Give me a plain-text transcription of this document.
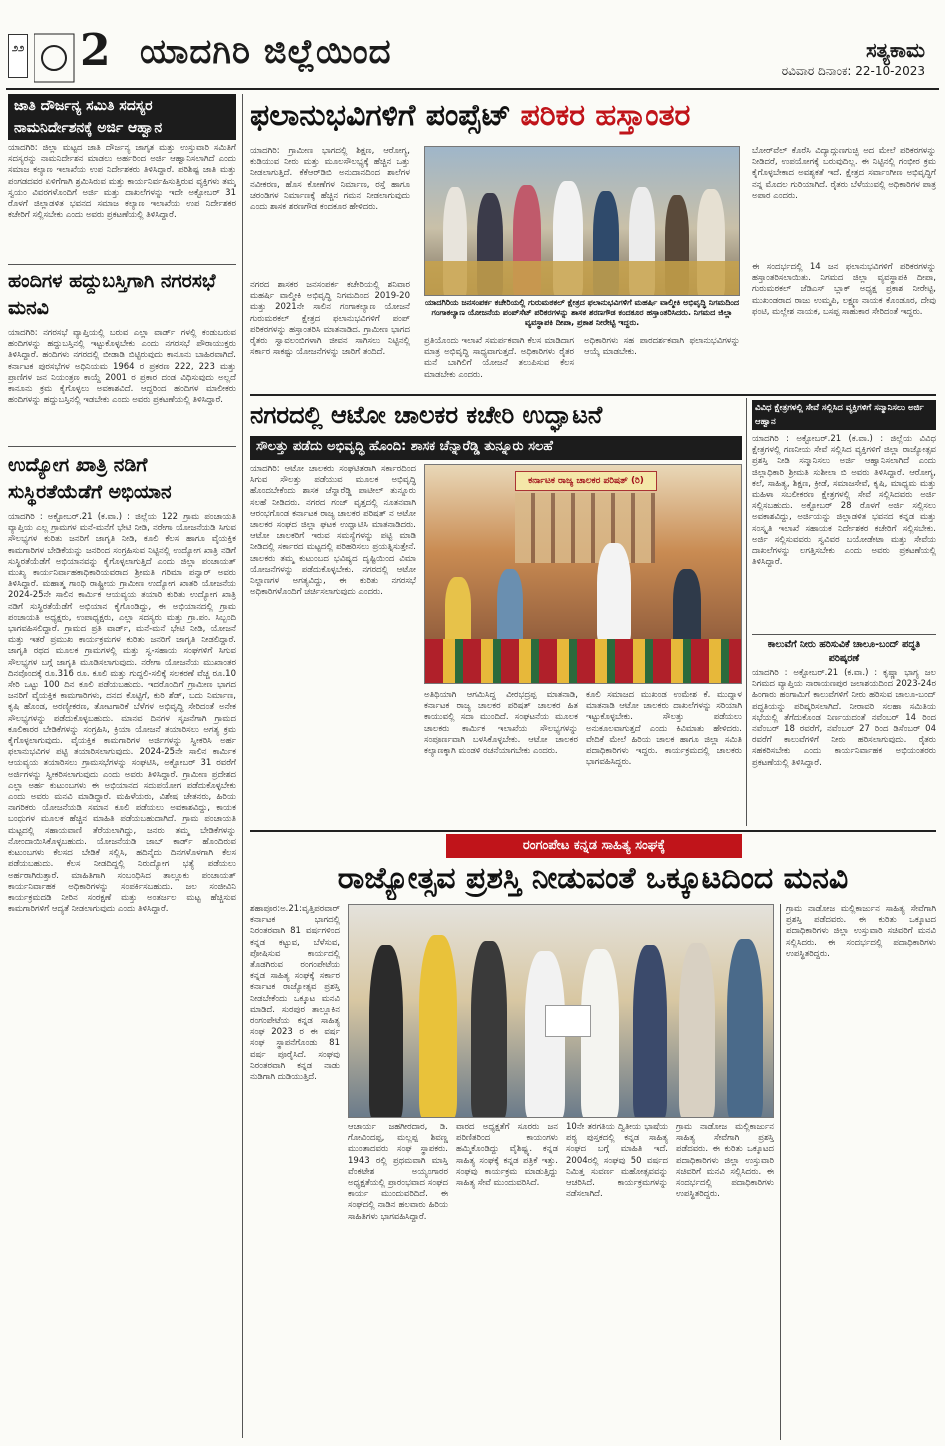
೨೨ 2 ಯಾದಗಿರಿ ಜಿಲ್ಲೆಯಿಂದ	ಸತ್ಯಕಾಮ
ರವಿವಾರ ದಿನಾಂಕ: 22-10-2023
ಜಾತಿ ದೌರ್ಜನ್ಯ ಸಮಿತಿ ಸದಸ್ಯರ ನಾಮನಿರ್ದೇಶನಕ್ಕೆ ಅರ್ಜಿ ಆಹ್ವಾನ
ಯಾದಗಿರಿ: ಜಿಲ್ಲಾ ಮಟ್ಟದ ಜಾತಿ ದೌರ್ಜನ್ಯ ಜಾಗೃತ ಮತ್ತು ಉಸ್ತುವಾರಿ ಸಮಿತಿಗೆ ಸದಸ್ಯರನ್ನು ನಾಮನಿರ್ದೇಶನ ಮಾಡಲು ಅರ್ಹರಿಂದ ಅರ್ಜಿ ಆಹ್ವಾನಿಸಲಾಗಿದೆ ಎಂದು ಸಮಾಜ ಕಲ್ಯಾಣ ಇಲಾಖೆಯ ಉಪ ನಿರ್ದೇಶಕರು ತಿಳಿಸಿದ್ದಾರೆ. ಪರಿಶಿಷ್ಟ ಜಾತಿ ಮತ್ತು ಪಂಗಡದವರ ಏಳಿಗೆಗಾಗಿ ಶ್ರಮಿಸಿರುವ ಮತ್ತು ಕಾರ್ಯನಿರ್ವಹಿಸುತ್ತಿರುವ ವ್ಯಕ್ತಿಗಳು ತಮ್ಮ ಸ್ವಯಂ ವಿವರಗಳೊಂದಿಗೆ ಅರ್ಜಿ ಮತ್ತು ದಾಖಲೆಗಳನ್ನು ಇದೇ ಅಕ್ಟೋಬರ್ 31 ರೊಳಗೆ ಜಿಲ್ಲಾಡಳಿತ ಭವನದ ಸಮಾಜ ಕಲ್ಯಾಣ ಇಲಾಖೆಯ ಉಪ ನಿರ್ದೇಶಕರ ಕಚೇರಿಗೆ ಸಲ್ಲಿಸಬೇಕು ಎಂದು ಅವರು ಪ್ರಕಟಣೆಯಲ್ಲಿ ತಿಳಿಸಿದ್ದಾರೆ.
ಹಂದಿಗಳ ಹದ್ದುಬಸ್ತಿಗಾಗಿ ನಗರಸಭೆ ಮನವಿ
ಯಾದಗಿರಿ: ನಗರಸಭೆ ವ್ಯಾಪ್ತಿಯಲ್ಲಿ ಬರುವ ಎಲ್ಲಾ ವಾರ್ಡ್ ಗಳಲ್ಲಿ ಕಂಡುಬರುವ ಹಂದಿಗಳನ್ನು ಹದ್ದುಬಸ್ತಿನಲ್ಲಿ ಇಟ್ಟುಕೊಳ್ಳಬೇಕು ಎಂದು ನಗರಸಭೆ ಪೌರಾಯುಕ್ತರು ತಿಳಿಸಿದ್ದಾರೆ. ಹಂದಿಗಳು ನಗರದಲ್ಲಿ ಬೀಡಾಡಿ ಬಿಟ್ಟಿರುವುದು ಕಾನೂನು ಬಾಹಿರವಾಗಿದೆ. ಕರ್ನಾಟಕ ಪುರಸಭೆಗಳ ಅಧಿನಿಯಮ 1964 ರ ಪ್ರಕರಣ 222, 223 ಮತ್ತು ಪ್ರಾಣಿಗಳ ಜನ ನಿಯಂತ್ರಣ ಕಾಯ್ದೆ 2001 ರ ಪ್ರಕಾರ ದಂಡ ವಿಧಿಸುವುದು ಅಲ್ಲದೆ ಕಾನೂನು ಕ್ರಮ ಕೈಗೊಳ್ಳಲು ಅವಕಾಶವಿದೆ. ಆದ್ದರಿಂದ ಹಂದಿಗಳ ಮಾಲೀಕರು ಹಂದಿಗಳನ್ನು ಹದ್ದುಬಸ್ತಿನಲ್ಲಿ ಇಡಬೇಕು ಎಂದು ಅವರು ಪ್ರಕಟಣೆಯಲ್ಲಿ ತಿಳಿಸಿದ್ದಾರೆ.
ಉದ್ಯೋಗ ಖಾತ್ರಿ ನಡಿಗೆ ಸುಸ್ಥಿರತೆಯೆಡೆಗೆ ಅಭಿಯಾನ
ಯಾದಗಿರಿ : ಅಕ್ಟೋಬರ್.21 (ಕ.ವಾ.) : ಜಿಲ್ಲೆಯ 122 ಗ್ರಾಮ ಪಂಚಾಯತಿ ವ್ಯಾಪ್ತಿಯ ಎಲ್ಲ ಗ್ರಾಮಗಳ ಮನೆ-ಮನೆಗೆ ಭೇಟಿ ನೀಡಿ, ನರೇಗಾ ಯೋಜನೆಯಡಿ ಸಿಗುವ ಸೌಲಭ್ಯಗಳ ಕುರಿತು ಜನರಿಗೆ ಜಾಗೃತಿ ನೀಡಿ, ಕೂಲಿ ಕೆಲಸ ಹಾಗೂ ವೈಯಕ್ತಿಕ ಕಾಮಗಾರಿಗಳ ಬೇಡಿಕೆಯನ್ನು ಜನರಿಂದ ಸಂಗ್ರಹಿಸುವ ನಿಟ್ಟಿನಲ್ಲಿ ಉದ್ಯೋಗ ಖಾತ್ರಿ ನಡಿಗೆ ಸುಸ್ಥಿರತೆಯೆಡೆಗೆ ಅಭಿಯಾನವನ್ನು ಕೈಗೊಳ್ಳಲಾಗುತ್ತಿದೆ ಎಂದು ಜಿಲ್ಲಾ ಪಂಚಾಯತ್ ಮುಖ್ಯ ಕಾರ್ಯನಿರ್ವಾಹಕಾಧಿಕಾರಿಯವರಾದ ಶ್ರೀಮತಿ ಗರಿಮಾ ಪನ್ವಾರ್ ಅವರು ತಿಳಿಸಿದ್ದಾರೆ. ಮಹಾತ್ಮ ಗಾಂಧಿ ರಾಷ್ಟ್ರೀಯ ಗ್ರಾಮೀಣ ಉದ್ಯೋಗ ಖಾತರಿ ಯೋಜನೆಯ 2024-25ನೇ ಸಾಲಿನ ಕಾರ್ಮಿಕ ಆಯವ್ಯಯ ತಯಾರಿ ಕುರಿತು ಉದ್ಯೋಗ ಖಾತ್ರಿ ನಡಿಗೆ ಸುಸ್ಥಿರತೆಯೆಡೆಗೆ ಅಭಿಯಾನ ಕೈಗೊಂಡಿದ್ದು, ಈ ಅಭಿಯಾನದಲ್ಲಿ ಗ್ರಾಮ ಪಂಚಾಯತಿ ಅಧ್ಯಕ್ಷರು, ಉಪಾಧ್ಯಕ್ಷರು, ಎಲ್ಲಾ ಸದಸ್ಯರು ಮತ್ತು ಗ್ರಾ.ಪಂ. ಸಿಬ್ಬಂದಿ ಭಾಗವಹಿಸಲಿದ್ದಾರೆ. ಗ್ರಾಮದ ಪ್ರತಿ ವಾರ್ಡ್, ಮನೆ-ಮನೆ ಭೇಟಿ ನೀಡಿ, ಯೋಜನೆ ಮತ್ತು ಇತರೆ ಪ್ರಮುಖ ಕಾರ್ಯಕ್ರಮಗಳ ಕುರಿತು ಜನರಿಗೆ ಜಾಗೃತಿ ನೀಡಲಿದ್ದಾರೆ. ಜಾಗೃತಿ ರಥದ ಮೂಲಕ ಗ್ರಾಮಗಳಲ್ಲಿ ಮತ್ತು ಸ್ವ-ಸಹಾಯ ಸಂಘಗಳಿಗೆ ಸಿಗುವ ಸೌಲಭ್ಯಗಳ ಬಗ್ಗೆ ಜಾಗೃತಿ ಮೂಡಿಸಲಾಗುವುದು. ನರೇಗಾ ಯೋಜನೆಯ ಮುಖಾಂತರ ದಿನವೊಂದಕ್ಕೆ ರೂ.316 ರೂ. ಕೂಲಿ ಮತ್ತು ಗುದ್ದಲಿ-ಸಲಿಕ್ಕೆ ಸಲಕರಣೆ ವೆಚ್ಚ ರೂ.10 ಸೇರಿ ಒಟ್ಟು 100 ದಿನ ಕೂಲಿ ಪಡೆಯಬಹುದು. ಇದರೊಂದಿಗೆ ಗ್ರಾಮೀಣ ಭಾಗದ ಜನರಿಗೆ ವೈಯಕ್ತಿಕ ಕಾಮಗಾರಿಗಳು, ದನದ ಕೊಟ್ಟಿಗೆ, ಕುರಿ ಶೆಡ್, ಬದು ನಿರ್ಮಾಣ, ಕೃಷಿ ಹೊಂಡ, ಅರಣ್ಯೀಕರಣ, ತೋಟಗಾರಿಕೆ ಬೆಳೆಗಳ ಅಭಿವೃದ್ಧಿ ಸೇರಿದಂತೆ ಅನೇಕ ಸೌಲಭ್ಯಗಳನ್ನು ಪಡೆದುಕೊಳ್ಳಬಹುದು. ಮಾನವ ದಿನಗಳ ಸೃಜನೆಗಾಗಿ ಗ್ರಾಮದ ಕೂಲಿಕಾರರ ಬೇಡಿಕೆಗಳನ್ನು ಸಂಗ್ರಹಿಸಿ, ಕ್ರಿಯಾ ಯೋಜನೆ ತಯಾರಿಸಲು ಅಗತ್ಯ ಕ್ರಮ ಕೈಗೊಳ್ಳಲಾಗುವುದು. ವೈಯಕ್ತಿಕ ಕಾಮಗಾರಿಗಳ ಅರ್ಜಿಗಳನ್ನು ಸ್ವೀಕರಿಸಿ ಅರ್ಹ ಫಲಾನುಭವಿಗಳ ಪಟ್ಟಿ ತಯಾರಿಸಲಾಗುವುದು. 2024-25ನೇ ಸಾಲಿನ ಕಾರ್ಮಿಕ ಆಯವ್ಯಯ ತಯಾರಿಸಲು ಗ್ರಾಮಸಭೆಗಳನ್ನು ಸಂಘಟಿಸಿ, ಅಕ್ಟೋಬರ್ 31 ರವರೆಗೆ ಅರ್ಜಿಗಳನ್ನು ಸ್ವೀಕರಿಸಲಾಗುವುದು ಎಂದು ಅವರು ತಿಳಿಸಿದ್ದಾರೆ. ಗ್ರಾಮೀಣ ಪ್ರದೇಶದ ಎಲ್ಲಾ ಅರ್ಹ ಕುಟುಂಬಗಳು ಈ ಅಭಿಯಾನದ ಸದುಪಯೋಗ ಪಡೆದುಕೊಳ್ಳಬೇಕು ಎಂದು ಅವರು ಮನವಿ ಮಾಡಿದ್ದಾರೆ. ಮಹಿಳೆಯರು, ವಿಶೇಷ ಚೇತನರು, ಹಿರಿಯ ನಾಗರಿಕರು ಯೋಜನೆಯಡಿ ಸಮಾನ ಕೂಲಿ ಪಡೆಯಲು ಅವಕಾಶವಿದ್ದು, ಕಾಯಕ ಬಂಧುಗಳ ಮೂಲಕ ಹೆಚ್ಚಿನ ಮಾಹಿತಿ ಪಡೆಯಬಹುದಾಗಿದೆ. ಗ್ರಾಮ ಪಂಚಾಯತಿ ಮಟ್ಟದಲ್ಲಿ ಸಹಾಯವಾಣಿ ತೆರೆಯಲಾಗಿದ್ದು, ಜನರು ತಮ್ಮ ಬೇಡಿಕೆಗಳನ್ನು ನೋಂದಾಯಿಸಿಕೊಳ್ಳಬಹುದು. ಯೋಜನೆಯಡಿ ಜಾಬ್ ಕಾರ್ಡ್ ಹೊಂದಿರುವ ಕುಟುಂಬಗಳು ಕೆಲಸದ ಬೇಡಿಕೆ ಸಲ್ಲಿಸಿ, ಹದಿನೈದು ದಿನಗಳೊಳಗಾಗಿ ಕೆಲಸ ಪಡೆಯಬಹುದು. ಕೆಲಸ ನೀಡದಿದ್ದಲ್ಲಿ ನಿರುದ್ಯೋಗ ಭತ್ಯೆ ಪಡೆಯಲು ಅರ್ಹರಾಗಿರುತ್ತಾರೆ. ಮಾಹಿತಿಗಾಗಿ ಸಂಬಂಧಿಸಿದ ತಾಲ್ಲೂಕು ಪಂಚಾಯತ್ ಕಾರ್ಯನಿರ್ವಾಹಕ ಅಧಿಕಾರಿಗಳನ್ನು ಸಂಪರ್ಕಿಸಬಹುದು. ಜಲ ಸಂಜೀವಿನಿ ಕಾರ್ಯಕ್ರಮದಡಿ ನೀರಿನ ಸಂರಕ್ಷಣೆ ಮತ್ತು ಅಂತರ್ಜಲ ಮಟ್ಟ ಹೆಚ್ಚಿಸುವ ಕಾಮಗಾರಿಗಳಿಗೆ ಆದ್ಯತೆ ನೀಡಲಾಗುವುದು ಎಂದು ತಿಳಿಸಿದ್ದಾರೆ.
ಫಲಾನುಭವಿಗಳಿಗೆ ಪಂಪ್ಸೆಟ್ ಪರಿಕರ ಹಸ್ತಾಂತರ
ಯಾದಗಿರಿ: ಗ್ರಾಮೀಣ ಭಾಗದಲ್ಲಿ ಶಿಕ್ಷಣ, ಆರೋಗ್ಯ, ಕುಡಿಯುವ ನೀರು ಮತ್ತು ಮೂಲಸೌಲಭ್ಯಕ್ಕೆ ಹೆಚ್ಚಿನ ಒತ್ತು ನೀಡಲಾಗುತ್ತಿದೆ. ಕೆಕೆಆರ್‌ಡಿಬಿ ಅನುದಾನದಿಂದ ಶಾಲೆಗಳ ನವೀಕರಣ, ಹೊಸ ಕೋಣೆಗಳ ನಿರ್ಮಾಣ, ರಸ್ತೆ ಹಾಗೂ ಚರಂಡಿಗಳ ನಿರ್ಮಾಣಕ್ಕೆ ಹೆಚ್ಚಿನ ಗಮನ ನೀಡಲಾಗುವುದು ಎಂದು ಶಾಸಕ ಶರಣಗೌಡ ಕಂದಕೂರ ಹೇಳಿದರು.
ನಗರದ ಶಾಸಕರ ಜನಸಂಪರ್ಕ ಕಚೇರಿಯಲ್ಲಿ ಶನಿವಾರ ಮಹರ್ಷಿ ವಾಲ್ಮೀಕಿ ಅಭಿವೃದ್ಧಿ ನಿಗಮದಿಂದ 2019-20 ಮತ್ತು 2021ನೇ ಸಾಲಿನ ಗಂಗಾಕಲ್ಯಾಣ ಯೋಜನೆ ಗುರುಮಠಕಲ್ ಕ್ಷೇತ್ರದ ಫಲಾನುಭವಿಗಳಿಗೆ ಪಂಪ್ ಪರಿಕರಗಳನ್ನು ಹಸ್ತಾಂತರಿಸಿ ಮಾತನಾಡಿದ. ಗ್ರಾಮೀಣ ಭಾಗದ ರೈತರು ಸ್ವಾವಲಂಬಿಗಳಾಗಿ ಜೀವನ ಸಾಗಿಸಲು ನಿಟ್ಟಿನಲ್ಲಿ ಸರ್ಕಾರ ಸಾಕಷ್ಟು ಯೋಜನೆಗಳನ್ನು ಜಾರಿಗೆ ತಂದಿದೆ.
ಯಾದಗಿರಿಯ ಜನಸಂಪರ್ಕ ಕಚೇರಿಯಲ್ಲಿ ಗುರುಮಠಕಲ್ ಕ್ಷೇತ್ರದ ಫಲಾನುಭವಿಗಳಿಗೆ ಮಹರ್ಷಿ ವಾಲ್ಮೀಕಿ ಅಭಿವೃದ್ಧಿ ನಿಗಮದಿಂದ ಗಂಗಾಕಲ್ಯಾಣ ಯೋಜನೆಯ ಪಂಪ್‌ಸೆಟ್ ಪರಿಕರಗಳನ್ನು ಶಾಸಕ ಶರಣಗೌಡ ಕಂದಕೂರ ಹಸ್ತಾಂತರಿಸಿದರು. ನಿಗಮದ ಜಿಲ್ಲಾ ವ್ಯವಸ್ಥಾಪಕಿ ದೀಪಾ, ಪ್ರಕಾಶ ನೀರೇಟ್ಟಿ ಇದ್ದರು.
ಪ್ರತಿಯೊಂದು ಇಲಾಖೆ ಸಮರ್ಪಕವಾಗಿ ಕೆಲಸ ಮಾಡಿದಾಗ ಮಾತ್ರ ಅಭಿವೃದ್ಧಿ ಸಾಧ್ಯವಾಗುತ್ತದೆ. ಅಧಿಕಾರಿಗಳು ರೈತರ ಮನೆ ಬಾಗಿಲಿಗೆ ಯೋಜನೆ ತಲುಪಿಸುವ ಕೆಲಸ ಮಾಡಬೇಕು ಎಂದರು.
ಅಧಿಕಾರಿಗಳು ಸಹ ಪಾರದರ್ಶಕವಾಗಿ ಫಲಾನುಭವಿಗಳನ್ನು ಆಯ್ಕೆ ಮಾಡಬೇಕು.
ಬೋರ್‌ವೆಲ್ ಕೊರೆಸಿ ವಿದ್ಯಾದ್ಗುಣಗುಚ್ಛಿ ಅದ ಮೇಲೆ ಪರಿಕರಗಳನ್ನು ನೀಡಿದರೆ, ಉಪಯೋಗಕ್ಕೆ ಬರುವುದಿಲ್ಲ. ಈ ನಿಟ್ಟಿನಲ್ಲಿ ಗಂಭೀರ ಕ್ರಮ ಕೈಗೊಳ್ಳಬೇಕಾದ ಅವಶ್ಯಕತೆ ಇದೆ. ಕ್ಷೇತ್ರದ ಸರ್ವಾಂಗೀಣ ಅಭಿವೃದ್ಧಿಗೆ ನನ್ನ ಮೊದಲ ಗುರಿಯಾಗಿದೆ. ರೈತರು ಬೆಳೆಯುವಲ್ಲಿ ಅಧಿಕಾರಿಗಳ ಪಾತ್ರ ಅಪಾರ ಎಂದರು.
ಈ ಸಂದರ್ಭದಲ್ಲಿ 14 ಜನ ಫಲಾನುಭವಿಗಳಿಗೆ ಪರಿಕರಗಳನ್ನು ಹಸ್ತಾಂತರಿಸಲಾಯಿತು. ನಿಗಮದ ಜಿಲ್ಲಾ ವ್ಯವಸ್ಥಾಪಕಿ ದೀಪಾ, ಗುರುಮಠಕಲ್ ಜೆಡಿಎಸ್ ಬ್ಲಾಕ್ ಅಧ್ಯಕ್ಷ ಪ್ರಕಾಶ ನೀರೇಟ್ಟಿ, ಮುಖಂಡರಾದ ರಾಜು ಉಮ್ಮಪಿ, ಲಕ್ಷ್ಮಣ ನಾಯಕ ಕೊಂಡೂರ, ದೇವು ಫಂಟಿ, ಮಲ್ಲೇಶ ನಾಯಕ, ಬಸಪ್ಪ ಸಾಹುಕಾರ ಸೇರಿದಂತೆ ಇದ್ದರು.
ನಗರದಲ್ಲಿ ಆಟೋ ಚಾಲಕರ ಕಚೇರಿ ಉದ್ಘಾಟನೆ
ಸೌಲತ್ತು ಪಡೆದು ಅಭಿವೃದ್ಧಿ ಹೊಂದಿ: ಶಾಸಕ ಚೆನ್ನಾರೆಡ್ಡಿ ತುನ್ನೂರು ಸಲಹೆ
ಯಾದಗಿರಿ: ಆಟೋ ಚಾಲಕರು ಸಂಘಟಿತರಾಗಿ ಸರ್ಕಾರದಿಂದ ಸಿಗುವ ಸೌಲತ್ತು ಪಡೆಯುವ ಮೂಲಕ ಅಭಿವೃದ್ಧಿ ಹೊಂದಬೇಕೆಂದು ಶಾಸಕ ಚೆನ್ನಾರೆಡ್ಡಿ ಪಾಟೀಲ್ ತುನ್ನೂರು ಸಲಹೆ ನೀಡಿದರು. ನಗರದ ಗಂಜ್ ವೃತ್ತದಲ್ಲಿ ನೂತನವಾಗಿ ಆರಂಭಗೊಂಡ ಕರ್ನಾಟಕ ರಾಜ್ಯ ಚಾಲಕರ ಪರಿಷತ್ ನ ಆಟೋ ಚಾಲಕರ ಸಂಘದ ಜಿಲ್ಲಾ ಘಟಕ ಉದ್ಘಾಟಿಸಿ ಮಾತನಾಡಿದರು. ಆಟೋ ಚಾಲಕರಿಗೆ ಇರುವ ಸಮಸ್ಯೆಗಳನ್ನು ಪಟ್ಟಿ ಮಾಡಿ ನೀಡಿದಲ್ಲಿ ಸರ್ಕಾರದ ಮಟ್ಟದಲ್ಲಿ ಪರಿಹರಿಸಲು ಪ್ರಯತ್ನಿಸುತ್ತೇನೆ. ಚಾಲಕರು ತಮ್ಮ ಕುಟುಂಬದ ಭವಿಷ್ಯದ ದೃಷ್ಟಿಯಿಂದ ವಿಮಾ ಯೋಜನೆಗಳನ್ನು ಪಡೆದುಕೊಳ್ಳಬೇಕು. ನಗರದಲ್ಲಿ ಆಟೋ ನಿಲ್ದಾಣಗಳ ಅಗತ್ಯವಿದ್ದು, ಈ ಕುರಿತು ನಗರಸಭೆ ಅಧಿಕಾರಿಗಳೊಂದಿಗೆ ಚರ್ಚಿಸಲಾಗುವುದು ಎಂದರು.
ಕರ್ನಾಟಕ ರಾಜ್ಯ ಚಾಲಕರ ಪರಿಷತ್ (ರಿ)
ಅತಿಥಿಯಾಗಿ ಆಗಮಿಸಿದ್ದ ವೀರಭದ್ರಪ್ಪ ಮಾತನಾಡಿ, ಕರ್ನಾಟಕ ರಾಜ್ಯ ಚಾಲಕರ ಪರಿಷತ್ ಚಾಲಕರ ಹಿತ ಕಾಯುವಲ್ಲಿ ಸದಾ ಮುಂದಿದೆ. ಸಂಘಟನೆಯ ಮೂಲಕ ಚಾಲಕರು ಕಾರ್ಮಿಕ ಇಲಾಖೆಯ ಸೌಲಭ್ಯಗಳನ್ನು ಸಂಪೂರ್ಣವಾಗಿ ಬಳಸಿಕೊಳ್ಳಬೇಕು. ಆಟೋ ಚಾಲಕರ ಕಲ್ಯಾಣಕ್ಕಾಗಿ ಮಂಡಳಿ ರಚನೆಯಾಗಬೇಕು ಎಂದರು.
ಕೂಲಿ ಸಮಾಜದ ಮುಖಂಡ ಉಮೇಶ ಕೆ. ಮುದ್ನಾಳ ಮಾತನಾಡಿ ಆಟೋ ಚಾಲಕರು ದಾಖಲೆಗಳನ್ನು ಸರಿಯಾಗಿ ಇಟ್ಟುಕೊಳ್ಳಬೇಕು. ಸೌಲತ್ತು ಪಡೆಯಲು ಅನುಕೂಲವಾಗುತ್ತದೆ ಎಂದು ಕಿವಿಮಾತು ಹೇಳಿದರು. ವೇದಿಕೆ ಮೇಲೆ ಹಿರಿಯ ಚಾಲಕ ಹಾಗೂ ಜಿಲ್ಲಾ ಸಮಿತಿ ಪದಾಧಿಕಾರಿಗಳು ಇದ್ದರು. ಕಾರ್ಯಕ್ರಮದಲ್ಲಿ ಚಾಲಕರು ಭಾಗವಹಿಸಿದ್ದರು.
ವಿವಿಧ ಕ್ಷೇತ್ರಗಳಲ್ಲಿ ಸೇವೆ ಸಲ್ಲಿಸಿದ ವ್ಯಕ್ತಿಗಳಿಗೆ ಸನ್ಮಾನಿಸಲು ಅರ್ಜಿ ಆಹ್ವಾನ
ಯಾದಗಿರಿ : ಅಕ್ಟೋಬರ್.21 (ಕ.ವಾ.) : ಜಿಲ್ಲೆಯ ವಿವಿಧ ಕ್ಷೇತ್ರಗಳಲ್ಲಿ ಗಣನೀಯ ಸೇವೆ ಸಲ್ಲಿಸಿದ ವ್ಯಕ್ತಿಗಳಿಗೆ ಜಿಲ್ಲಾ ರಾಜ್ಯೋತ್ಸವ ಪ್ರಶಸ್ತಿ ನೀಡಿ ಸನ್ಮಾನಿಸಲು ಅರ್ಜಿ ಆಹ್ವಾನಿಸಲಾಗಿದೆ ಎಂದು ಜಿಲ್ಲಾಧಿಕಾರಿ ಶ್ರೀಮತಿ ಸುಶೀಲಾ ಬಿ ಅವರು ತಿಳಿಸಿದ್ದಾರೆ. ಆರೋಗ್ಯ, ಕಲೆ, ಸಾಹಿತ್ಯ, ಶಿಕ್ಷಣ, ಕ್ರೀಡೆ, ಸಮಾಜಸೇವೆ, ಕೃಷಿ, ಮಾಧ್ಯಮ ಮತ್ತು ಮಹಿಳಾ ಸಬಲೀಕರಣ ಕ್ಷೇತ್ರಗಳಲ್ಲಿ ಸೇವೆ ಸಲ್ಲಿಸಿದವರು ಅರ್ಜಿ ಸಲ್ಲಿಸಬಹುದು. ಅಕ್ಟೋಬರ್ 28 ರೊಳಗೆ ಅರ್ಜಿ ಸಲ್ಲಿಸಲು ಅವಕಾಶವಿದ್ದು, ಅರ್ಜಿಯನ್ನು ಜಿಲ್ಲಾಡಳಿತ ಭವನದ ಕನ್ನಡ ಮತ್ತು ಸಂಸ್ಕೃತಿ ಇಲಾಖೆ ಸಹಾಯಕ ನಿರ್ದೇಶಕರ ಕಚೇರಿಗೆ ಸಲ್ಲಿಸಬೇಕು. ಅರ್ಜಿ ಸಲ್ಲಿಸುವವರು ಸ್ವವಿವರ ಬಯೋಡೇಟಾ ಮತ್ತು ಸೇವೆಯ ದಾಖಲೆಗಳನ್ನು ಲಗತ್ತಿಸಬೇಕು ಎಂದು ಅವರು ಪ್ರಕಟಣೆಯಲ್ಲಿ ತಿಳಿಸಿದ್ದಾರೆ.
ಕಾಲುವೆಗೆ ನೀರು ಹರಿಸುವಿಕೆ ಚಾಲೂ-ಬಂದ್ ಪದ್ಧತಿ ಪರಿಷ್ಕರಣೆ
ಯಾದಗಿರಿ : ಅಕ್ಟೋಬರ್.21 (ಕ.ವಾ.) : ಕೃಷ್ಣಾ ಭಾಗ್ಯ ಜಲ ನಿಗಮದ ವ್ಯಾಪ್ತಿಯ ನಾರಾಯಣಪುರ ಜಲಾಶಯದಿಂದ 2023-24ರ ಹಿಂಗಾರು ಹಂಗಾಮಿಗೆ ಕಾಲುವೆಗಳಿಗೆ ನೀರು ಹರಿಸುವ ಚಾಲೂ-ಬಂದ್ ಪದ್ಧತಿಯನ್ನು ಪರಿಷ್ಕರಿಸಲಾಗಿದೆ. ನೀರಾವರಿ ಸಲಹಾ ಸಮಿತಿಯ ಸಭೆಯಲ್ಲಿ ತೆಗೆದುಕೊಂಡ ನಿರ್ಣಯದಂತೆ ನವೆಂಬರ್ 14 ರಿಂದ ನವೆಂಬರ್ 18 ರವರೆಗೆ, ನವೆಂಬರ್ 27 ರಿಂದ ಡಿಸೆಂಬರ್ 04 ರವರೆಗೆ ಕಾಲುವೆಗಳಿಗೆ ನೀರು ಹರಿಸಲಾಗುವುದು. ರೈತರು ಸಹಕರಿಸಬೇಕು ಎಂದು ಕಾರ್ಯನಿರ್ವಾಹಕ ಅಭಿಯಂತರರು ಪ್ರಕಟಣೆಯಲ್ಲಿ ತಿಳಿಸಿದ್ದಾರೆ.
ರಂಗಂಪೇಟ ಕನ್ನಡ ಸಾಹಿತ್ಯ ಸಂಘಕ್ಕೆ
ರಾಜ್ಯೋತ್ಸವ ಪ್ರಶಸ್ತಿ ನೀಡುವಂತೆ ಒಕ್ಕೂಟದಿಂದ ಮನವಿ
ಶಹಾಪೂರ:ಅ.21:ವೃತ್ತಿಪರವಾರ್ ಕರ್ನಾಟಕ ಭಾಗದಲ್ಲಿ ನಿರಂತರವಾಗಿ 81 ವರ್ಷಗಳಿಂದ ಕನ್ನಡ ಕಟ್ಟುವ, ಬೆಳೆಸುವ, ಪೋಷಿಸುವ ಕಾರ್ಯದಲ್ಲಿ ತೊಡಗಿರುವ ರಂಗಂಪೇಟೆಯ ಕನ್ನಡ ಸಾಹಿತ್ಯ ಸಂಘಕ್ಕೆ ಸರ್ಕಾರ ಕರ್ನಾಟಕ ರಾಜ್ಯೋತ್ಸವ ಪ್ರಶಸ್ತಿ ನೀಡಬೇಕೆಂದು ಒಕ್ಕೂಟ ಮನವಿ ಮಾಡಿದೆ. ಸುರಪುರ ತಾಲ್ಲೂಕಿನ ರಂಗಂಪೇಟೆಯ ಕನ್ನಡ ಸಾಹಿತ್ಯ ಸಂಘ 2023 ರ ಈ ವರ್ಷ ಸಂಘ ಸ್ಥಾಪನೆಗೊಂಡು 81 ವರ್ಷ ಪೂರೈಸಿದೆ. ಸಂಘವು ನಿರಂತರವಾಗಿ ಕನ್ನಡ ನಾಡು ನುಡಿಗಾಗಿ ದುಡಿಯುತ್ತಿದೆ.
ಆಚಾರ್ಯ ಜಹಗೀರದಾರ, ಡಿ. ಗೋವಿಂದಪ್ಪ, ಮಲ್ಲಪ್ಪ ಶಿವಣ್ಣ ಮುಂತಾದವರು ಸಂಘ ಸ್ಥಾಪಕರು. 1943 ರಲ್ಲಿ ಪ್ರಥಮವಾಗಿ ಮಾಸ್ತಿ ವೆಂಕಟೇಶ ಅಯ್ಯಂಗಾರರ ಅಧ್ಯಕ್ಷತೆಯಲ್ಲಿ ಪ್ರಾರಂಭವಾದ ಸಂಘದ ಕಾರ್ಯ ಮುಂದುವರಿದಿದೆ. ಈ ಸಂಘದಲ್ಲಿ ನಾಡಿನ ಹಲವಾರು ಹಿರಿಯ ಸಾಹಿತಿಗಳು ಭಾಗವಹಿಸಿದ್ದಾರೆ.
ವಾರದ ಅಧ್ಯಕ್ಷತೆಗೆ ಸೂರರು ಜನ ಪರಿಣಿತರಿಂದ ಕಾಯಂಗಳು ಹಮ್ಮಿಕೊಂಡಿದ್ದು ವೈಶಿಷ್ಟ್ಯ. ಕನ್ನಡ ಸಾಹಿತ್ಯ ಸಂಘಕ್ಕೆ ಕನ್ನಡ ಪತ್ರಿಕೆ ಇತ್ತು. ಸಂಘವು ಕಾರ್ಯಕ್ರಮ ಮಾಡುತ್ತಿದ್ದು ಸಾಹಿತ್ಯ ಸೇವೆ ಮುಂದುವರಿಸಿದೆ.
10ನೇ ತರಗತಿಯ ದ್ವಿತೀಯ ಭಾಷೆಯ ಪಠ್ಯ ಪುಸ್ತಕದಲ್ಲಿ ಕನ್ನಡ ಸಾಹಿತ್ಯ ಸಂಘದ ಬಗ್ಗೆ ಮಾಹಿತಿ ಇದೆ. 2004ರಲ್ಲಿ ಸಂಘವು 50 ವರ್ಷದ ನಿಮಿತ್ತ ಸುವರ್ಣ ಮಹೋತ್ಸವವನ್ನು ಆಚರಿಸಿದೆ. ಕಾರ್ಯಕ್ರಮಗಳನ್ನು ನಡೆಸಲಾಗಿದೆ.
ಗ್ರಾಮ ನಾಡೋಜ ಮಲ್ಲಿಕಾರ್ಜುನ ಸಾಹಿತ್ಯ ಸೇವೆಗಾಗಿ ಪ್ರಶಸ್ತಿ ಪಡೆದವರು. ಈ ಕುರಿತು ಒಕ್ಕೂಟದ ಪದಾಧಿಕಾರಿಗಳು ಜಿಲ್ಲಾ ಉಸ್ತುವಾರಿ ಸಚಿವರಿಗೆ ಮನವಿ ಸಲ್ಲಿಸಿದರು. ಈ ಸಂದರ್ಭದಲ್ಲಿ ಪದಾಧಿಕಾರಿಗಳು ಉಪಸ್ಥಿತರಿದ್ದರು.
ಗ್ರಾಮ ನಾಡೋಜ ಮಲ್ಲಿಕಾರ್ಜುನ ಸಾಹಿತ್ಯ ಸೇವೆಗಾಗಿ ಪ್ರಶಸ್ತಿ ಪಡೆದವರು. ಈ ಕುರಿತು ಒಕ್ಕೂಟದ ಪದಾಧಿಕಾರಿಗಳು ಜಿಲ್ಲಾ ಉಸ್ತುವಾರಿ ಸಚಿವರಿಗೆ ಮನವಿ ಸಲ್ಲಿಸಿದರು. ಈ ಸಂದರ್ಭದಲ್ಲಿ ಪದಾಧಿಕಾರಿಗಳು ಉಪಸ್ಥಿತರಿದ್ದರು.
